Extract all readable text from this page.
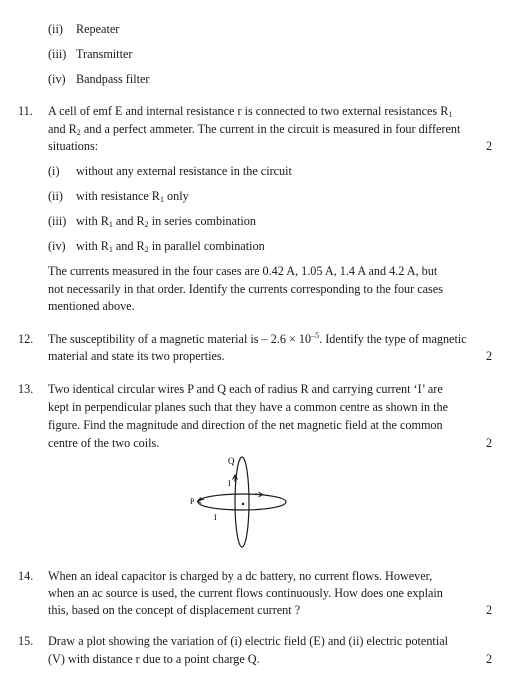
(ii)	Repeater
(iii) Transmitter
(iv) Bandpass filter
11. A cell of emf E and internal resistance r is connected to two external resistances $R_1$
and $R_2$ and a perfect ammeter. The current in the circuit is measured in four different
situations:	2
(i)	without any external resistance in the circuit
(ii)	with resistance $R_1$ only
(iii) with $R_1$ and $R_2$ in series combination
(iv) with $R_1$ and $R_2$ in parallel combination
The currents measured in the four cases are 0.42 A, 1.05 A, 1.4 A and 4.2 A, but
not necessarily in that order. Identify the currents corresponding to the four cases
mentioned above.
12. The susceptibility of a magnetic material is – $2.6 \times 10^{-5}$. Identify the type of magnetic
material and state its two properties.	2
13. Two identical circular wires P and Q each of radius R and carrying current ‘I’ are
kept in perpendicular planes such that they have a common centre as shown in the
figure. Find the magnitude and direction of the net magnetic field at the common
centre of the two coils.	2
Q
I
P
I
14. When an ideal capacitor is charged by a dc battery, no current flows. However,
when an ac source is used, the current flows continuously. How does one explain
this, based on the concept of displacement current ?	2
15. Draw a plot showing the variation of (i) electric field (E) and (ii) electric potential
(V) with distance r due to a point charge Q.	2
